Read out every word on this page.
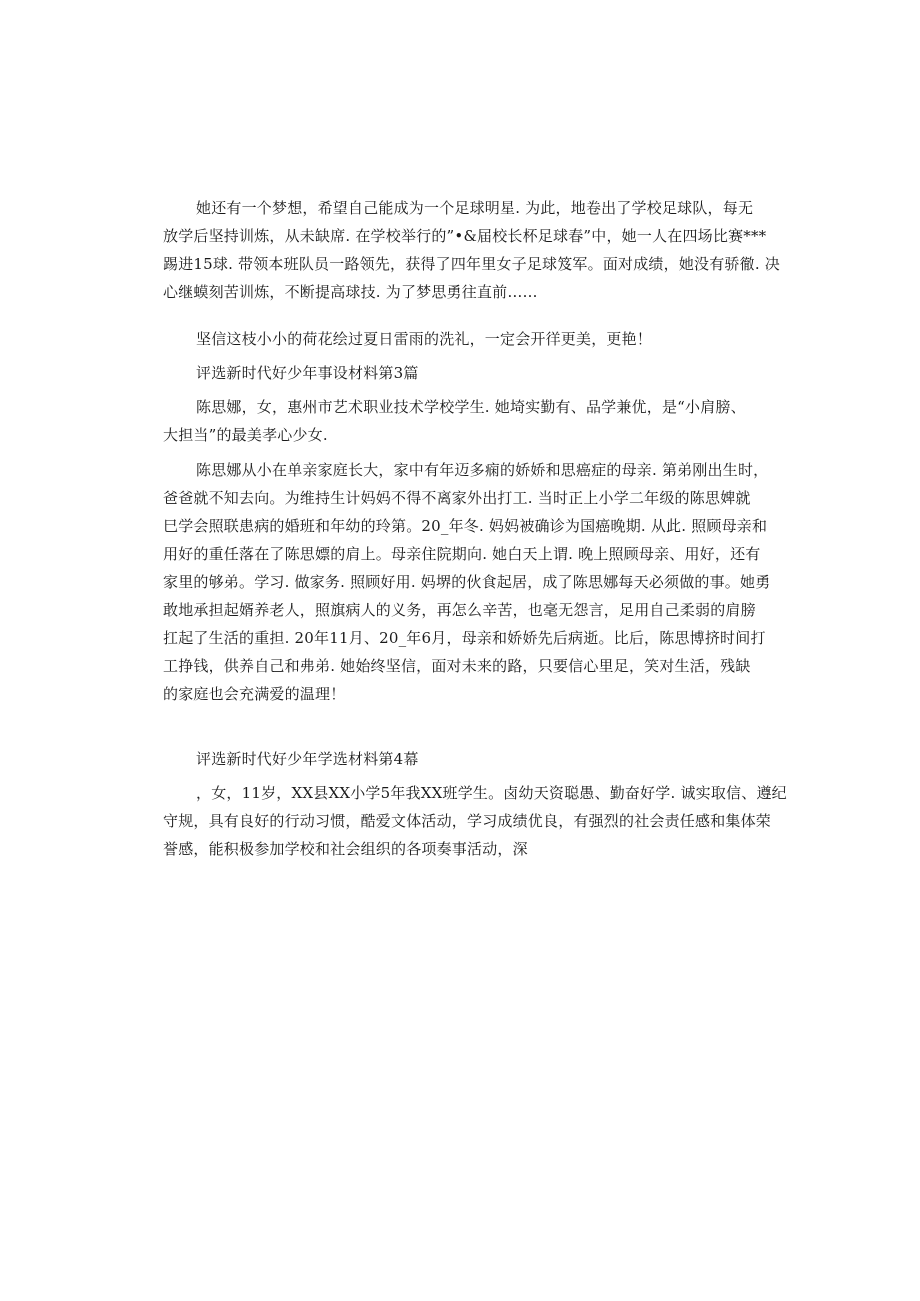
她还有一个梦想，希望自己能成为一个足球明星. 为此，地卷出了学校足球队，每无
放学后坚持训炼，从未缺席. 在学校举行的”•&届校长杯足球春”中，她一人在四场比赛***
踢进15球. 带领本班队员一路领先，获得了四年里女子足球笈军。面对成绩，她没有骄徹. 决
心继蟆刻苦训炼，不断提高球技. 为了梦思勇往直前……
坚信这枝小小的荷花绘过夏日雷雨的洗礼，一定会开徉更美，更艳！
评选新时代好少年事设材料第3篇
陈思娜，女，惠州市艺术职业技术学校学生. 她埼实勤有、品学兼优，是“小肩膀、
大担当”的最美孝心少女.
陈思娜从小在单亲家庭长大，家中有年迈多痫的娇娇和思癌症的母亲. 第弟刚出生时，
爸爸就不知去向。为维持生计妈妈不得不离家外出打工. 当时正上小学二年级的陈思婢就
巳学会照联患病的婚班和年幼的玲第。20_年冬. 妈妈被确诊为国癌晚期. 从此. 照顾母亲和
用好的重任落在了陈思嫖的肩上。母亲住院期向. 她白天上谓. 晚上照顾母亲、用好，还有
家里的够弟。学习. 做家务. 照顾好用. 妈堺的伙食起居，成了陈思娜每天必须做的事。她勇
敢地承担起婿养老人，照旗病人的义务，再怎么辛苦，也毫无怨言，足用自己柔弱的肩膀
扛起了生活的重担. 20年11月、20_年6月，母亲和娇娇先后病逝。比后，陈思博挤时间打
工挣钱，供养自己和弗弟. 她始终坚信，面对未来的路，只要信心里足，笑对生活，残缺
的家庭也会充满爱的温理！
评选新时代好少年学选材料第4幕
，女，11岁，XX县XX小学5年我XX班学生。卤幼天资聪愚、勤奋好学. 诚实取信、遵纪
守规，具有良好的行动习惯，酷爱文体活动，学习成绩优良，有强烈的社会责任感和集体荣
誉感，能积极参加学校和社会组织的各项奏事活动，深
